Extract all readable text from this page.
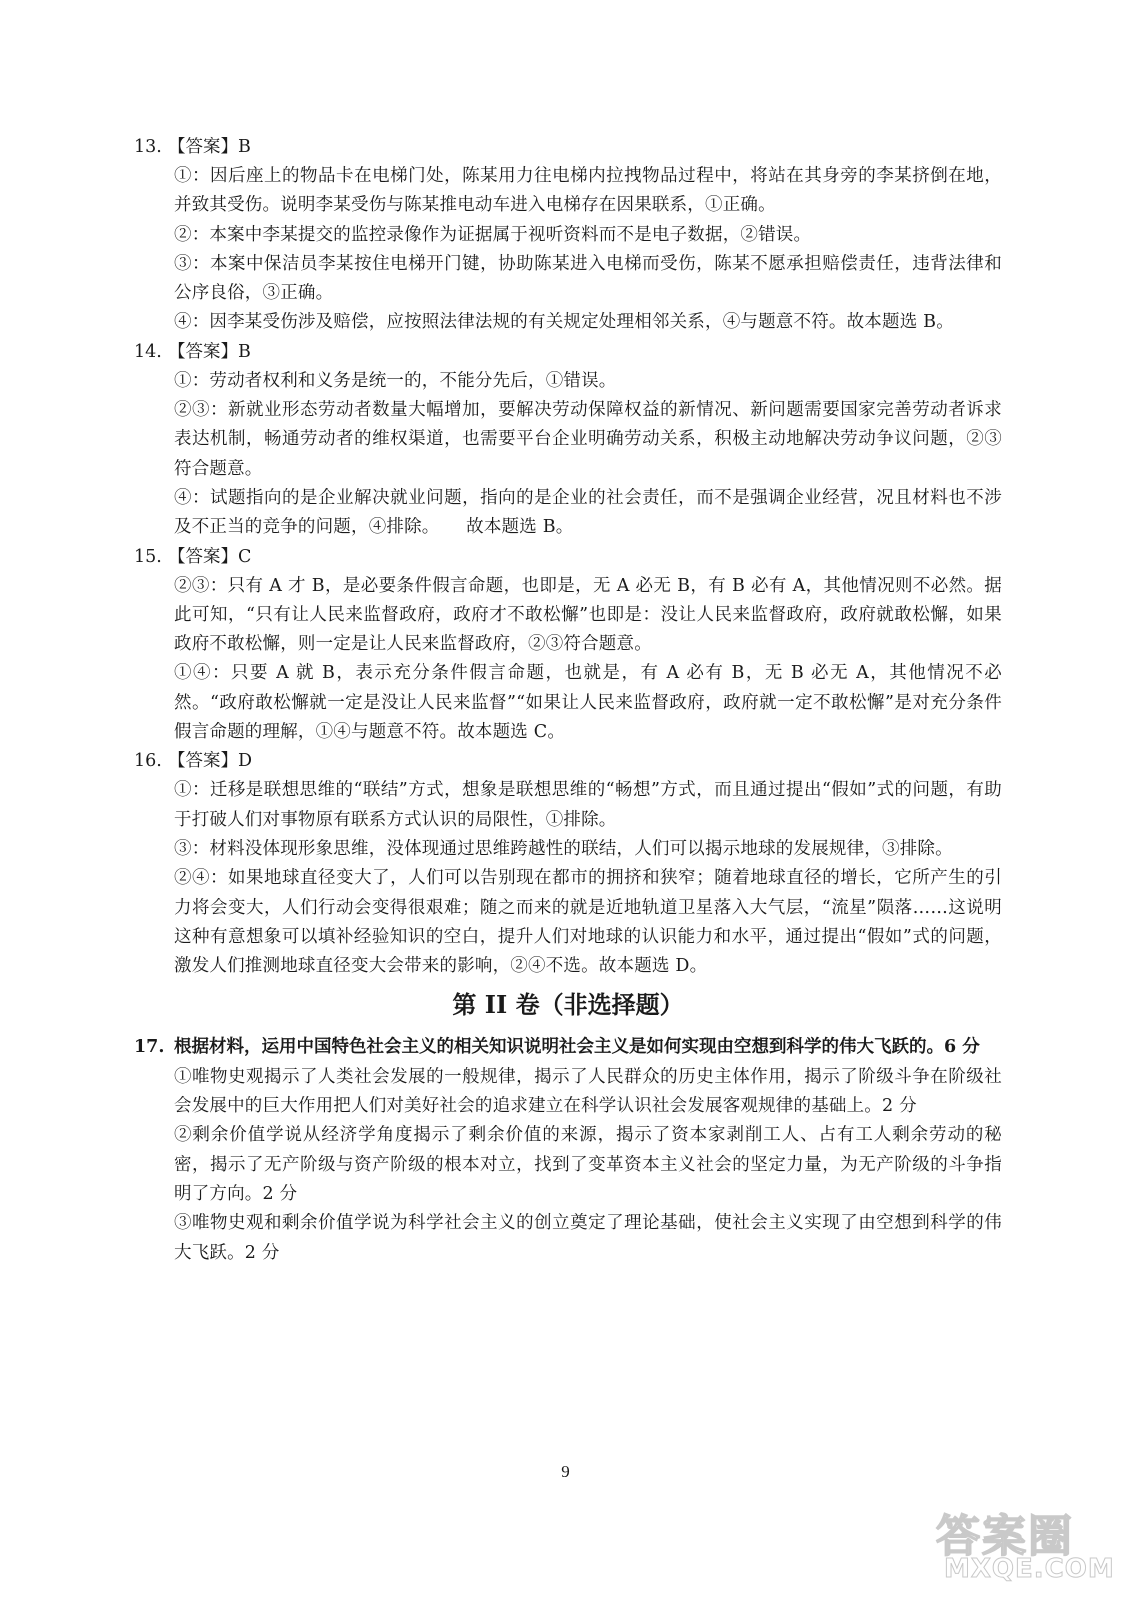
13. 【答案】B

①：因后座上的物品卡在电梯门处，陈某用力往电梯内拉拽物品过程中，将站在其身旁的李某挤倒在地，并致其受伤。说明李某受伤与陈某推电动车进入电梯存在因果联系，①正确。

②：本案中李某提交的监控录像作为证据属于视听资料而不是电子数据，②错误。

③：本案中保洁员李某按住电梯开门键，协助陈某进入电梯而受伤，陈某不愿承担赔偿责任，违背法律和公序良俗，③正确。

④：因李某受伤涉及赔偿，应按照法律法规的有关规定处理相邻关系，④与题意不符。故本题选 B。

14. 【答案】B

①：劳动者权利和义务是统一的，不能分先后，①错误。

②③：新就业形态劳动者数量大幅增加，要解决劳动保障权益的新情况、新问题需要国家完善劳动者诉求表达机制，畅通劳动者的维权渠道，也需要平台企业明确劳动关系，积极主动地解决劳动争议问题，②③符合题意。

④：试题指向的是企业解决就业问题，指向的是企业的社会责任，而不是强调企业经营，况且材料也不涉及不正当的竞争的问题，④排除。　　故本题选 B。

15. 【答案】C

②③：只有 A 才 B，是必要条件假言命题，也即是，无 A 必无 B，有 B 必有 A，其他情况则不必然。据此可知，“只有让人民来监督政府，政府才不敢松懈”也即是：没让人民来监督政府，政府就敢松懈，如果政府不敢松懈，则一定是让人民来监督政府，②③符合题意。

①④：只要 A 就 B，表示充分条件假言命题，也就是，有 A 必有 B，无 B 必无 A，其他情况不必然。“政府敢松懈就一定是没让人民来监督”“如果让人民来监督政府，政府就一定不敢松懈”是对充分条件假言命题的理解，①④与题意不符。故本题选 C。

16. 【答案】D

①：迁移是联想思维的“联结”方式，想象是联想思维的“畅想”方式，而且通过提出“假如”式的问题，有助于打破人们对事物原有联系方式认识的局限性，①排除。

③：材料没体现形象思维，没体现通过思维跨越性的联结，人们可以揭示地球的发展规律，③排除。

②④：如果地球直径变大了，人们可以告别现在都市的拥挤和狭窄；随着地球直径的增长，它所产生的引力将会变大，人们行动会变得很艰难；随之而来的就是近地轨道卫星落入大气层，“流星”陨落……这说明这种有意想象可以填补经验知识的空白，提升人们对地球的认识能力和水平，通过提出“假如”式的问题，激发人们推测地球直径变大会带来的影响，②④不选。故本题选 D。

第 II 卷（非选择题）
17. 根据材料，运用中国特色社会主义的相关知识说明社会主义是如何实现由空想到科学的伟大飞跃的。6 分

①唯物史观揭示了人类社会发展的一般规律，揭示了人民群众的历史主体作用，揭示了阶级斗争在阶级社会发展中的巨大作用把人们对美好社会的追求建立在科学认识社会发展客观规律的基础上。2 分

②剩余价值学说从经济学角度揭示了剩余价值的来源，揭示了资本家剥削工人、占有工人剩余劳动的秘密，揭示了无产阶级与资产阶级的根本对立，找到了变革资本主义社会的坚定力量，为无产阶级的斗争指明了方向。2 分

③唯物史观和剩余价值学说为科学社会主义的创立奠定了理论基础，使社会主义实现了由空想到科学的伟大飞跃。2 分

9
答案圈
MXQE.COM
